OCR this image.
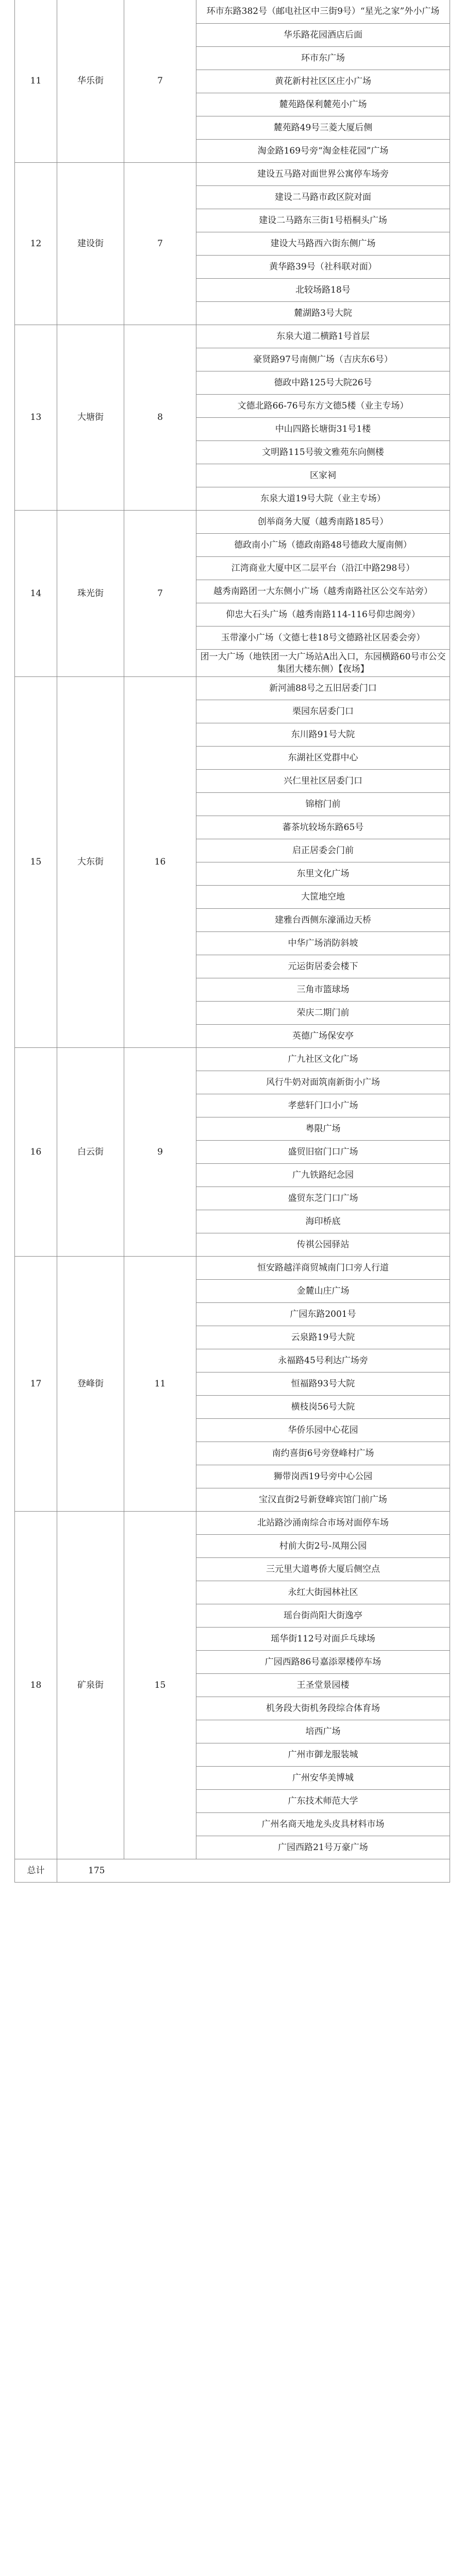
11	华乐街	7	环市东路382号（邮电社区中三街9号）“星光之家”外小广场
			华乐路花园酒店后面
			环市东广场
			黄花新村社区区庄小广场
			麓苑路保利麓苑小广场
			麓苑路49号三菱大厦后侧
			淘金路169号旁“淘金桂花园”广场
12	建设街	7	建设五马路对面世界公寓停车场旁
			建设二马路市政区院对面
			建设二马路东三街1号梧桐头广场
			建设大马路西六街东侧广场
			黄华路39号（社科联对面）
			北较场路18号
			麓湖路3号大院
13	大塘街	8	东泉大道二横路1号首层
			豪贤路97号南侧广场（吉庆东6号）
			德政中路125号大院26号
			文德北路66-76号东方文德5楼（业主专场）
			中山四路长塘街31号1楼
			文明路115号骏文雅苑东向侧楼
			区家祠
			东泉大道19号大院（业主专场）
14	珠光街	7	创举商务大厦（越秀南路185号）
			德政南小广场（德政南路48号德政大厦南侧）
			江湾商业大厦中区二层平台（沿江中路298号）
			越秀南路团一大东侧小广场（越秀南路社区公交车站旁）
			仰忠大石头广场（越秀南路114-116号仰忠阁旁）
			玉带濠小广场（文德七巷18号文德路社区居委会旁）
			团一大广场（地铁团一大广场站A出入口，东园横路60号市公交集团大楼东侧）【夜场】
15	大东街	16	新河浦88号之五旧居委门口
			栗园东居委门口
			东川路91号大院
			东湖社区党群中心
			兴仁里社区居委门口
			锦榕门前
			蕃茶坑较场东路65号
			启正居委会门前
			东里文化广场
			大筐地空地
			建雅台西侧东濠涌边天桥
			中华广场消防斜坡
			元运街居委会楼下
			三角市篮球场
			荣庆二期门前
			英德广场保安亭
16	白云街	9	广九社区文化广场
			风行牛奶对面筑南新街小广场
			孝慈轩门口小广场
			粤限广场
			盛贸旧宿门口广场
			广九铁路纪念园
			盛贸东芝门口广场
			海印桥底
			传祺公园驿站
17	登峰街	11	恒安路越洋商贸城南门口旁人行道
			金麓山庄广场
			广园东路2001号
			云泉路19号大院
			永福路45号利达广场旁
			恒福路93号大院
			横枝岗56号大院
			华侨乐园中心花园
			南约喜街6号旁登峰村广场
			狮带岗西19号旁中心公园
			宝汉直街2号新登峰宾馆门前广场
18	矿泉街	15	北站路沙涌南综合市场对面停车场
			村前大街2号-凤翔公园
			三元里大道粤侨大厦后侧空点
			永红大街园林社区
			瑶台街尚阳大街逸亭
			瑶华街112号对面乒乓球场
			广园西路86号嘉添翠楼停车场
			王圣堂景园楼
			机务段大街机务段综合体育场
			培西广场
			广州市御龙服装城
			广州安华美博城
			广东技术师范大学
			广州名商天地龙头皮具材料市场
			广园西路21号万豪广场
总计	175		
